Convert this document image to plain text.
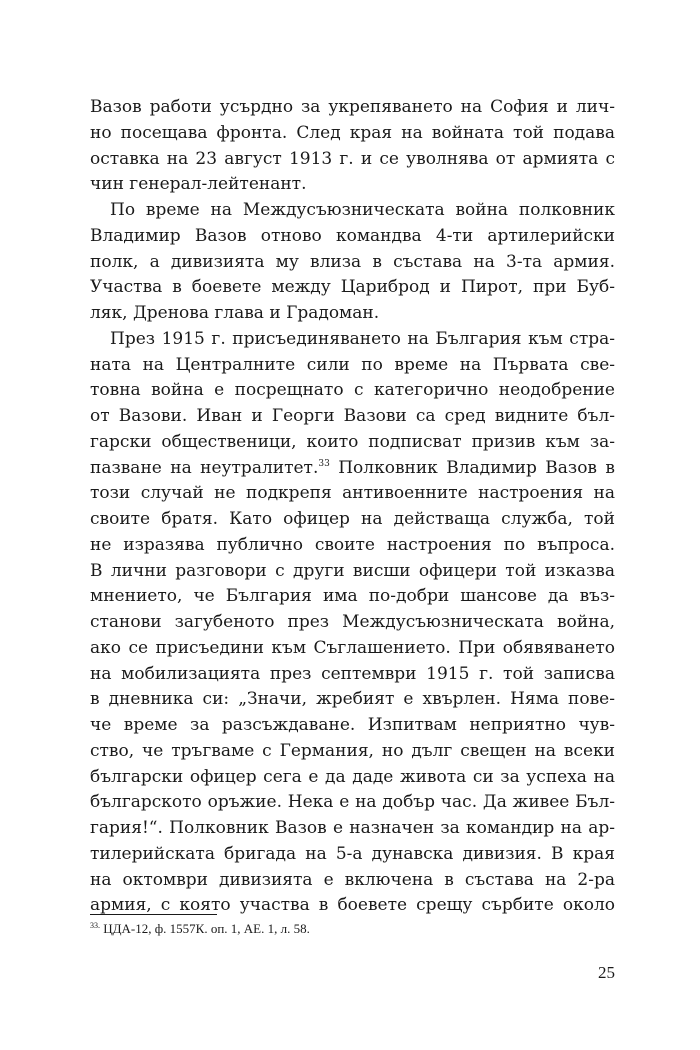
Вазов работи усърдно за укрепяването на София и лич-
но посещава фронта. След края на войната той подава
оставка на 23 август 1913 г. и се уволнява от армията с
чин генерал-лейтенант.
По време на Междусъюзническата война полковник
Владимир Вазов отново командва 4-ти артилерийски
полк, а дивизията му влиза в състава на 3-та армия.
Участва в боевете между Цариброд и Пирот, при Буб-
ляк, Дренова глава и Градоман.
През 1915 г. присъединяването на България към стра-
ната на Централните сили по време на Първата све-
товна война е посрещнато с категорично неодобрение
от Вазови. Иван и Георги Вазови са сред видните бъл-
гарски общественици, които подписват призив към за-
пазване на неутралитет.$^{33}$ Полковник Владимир Вазов в
този случай не подкрепя антивоенните настроения на
своите братя. Като офицер на действаща служба, той
не изразява публично своите настроения по въпроса.
В лични разговори с други висши офицери той изказва
мнението, че България има по-добри шансове да въз-
станови загубеното през Междусъюзническата война,
ако се присъедини към Съглашението. При обявяването
на мобилизацията през септември 1915 г. той записва
в дневника си: „Значи, жребият е хвърлен. Няма пове-
че време за разсъждаване. Изпитвам неприятно чув-
ство, че тръгваме с Германия, но дълг свещен на всеки
български офицер сега е да даде живота си за успеха на
българското оръжие. Нека е на добър час. Да живее Бъл-
гария!“. Полковник Вазов е назначен за командир на ар-
тилерийската бригада на 5-а дунавска дивизия. В края
на октомври дивизията е включена в състава на 2-ра
армия, с която участва в боевете срещу сърбите около
$^{33.}$ ЦДА-12, ф. 1557К. оп. 1, АЕ. 1, л. 58.
25
